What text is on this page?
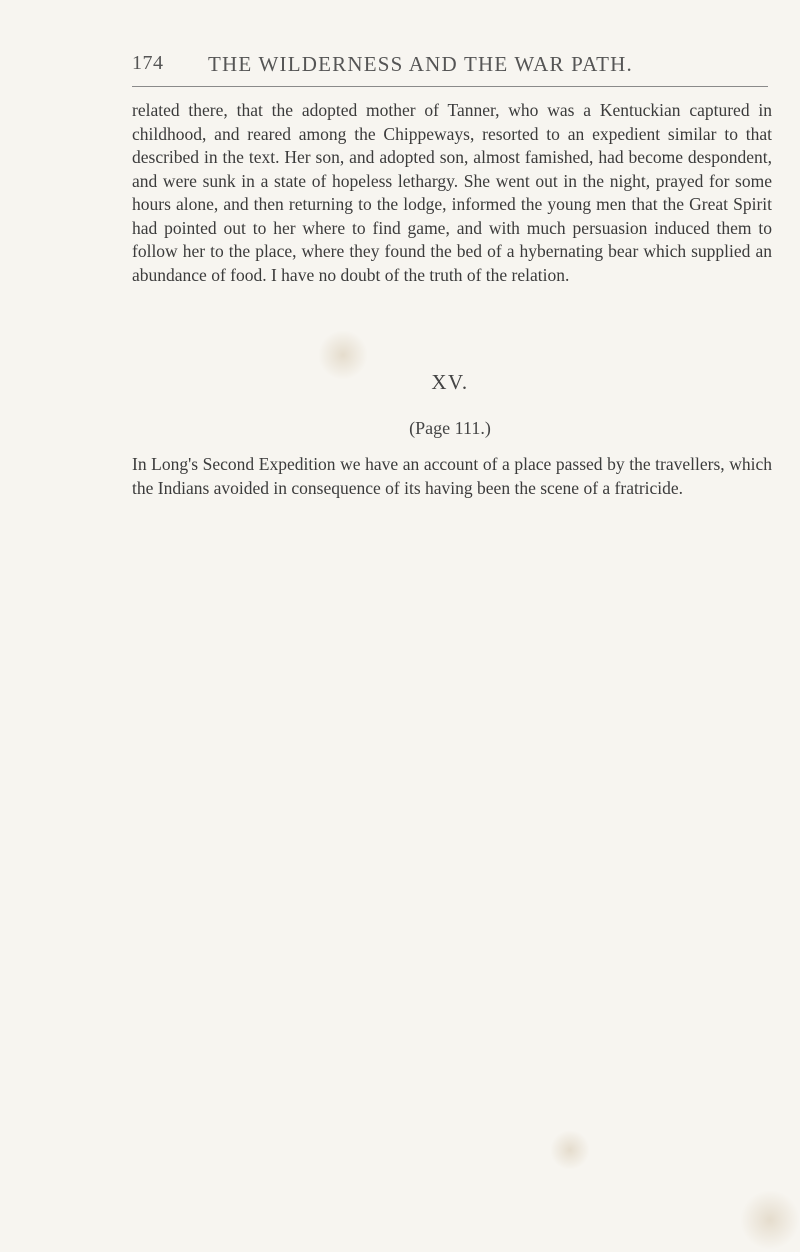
174 THE WILDERNESS AND THE WAR PATH.

related there, that the adopted mother of Tanner, who was a Kentuckian captured in childhood, and reared among the Chippeways, resorted to an expedient similar to that described in the text. Her son, and adopted son, almost famished, had become despondent, and were sunk in a state of hopeless lethargy. She went out in the night, prayed for some hours alone, and then returning to the lodge, informed the young men that the Great Spirit had pointed out to her where to find game, and with much persuasion induced them to follow her to the place, where they found the bed of a hybernating bear which supplied an abundance of food. I have no doubt of the truth of the relation.

XV.
(Page 111.)

In Long's Second Expedition we have an account of a place passed by the travellers, which the Indians avoided in consequence of its having been the scene of a fratricide.
